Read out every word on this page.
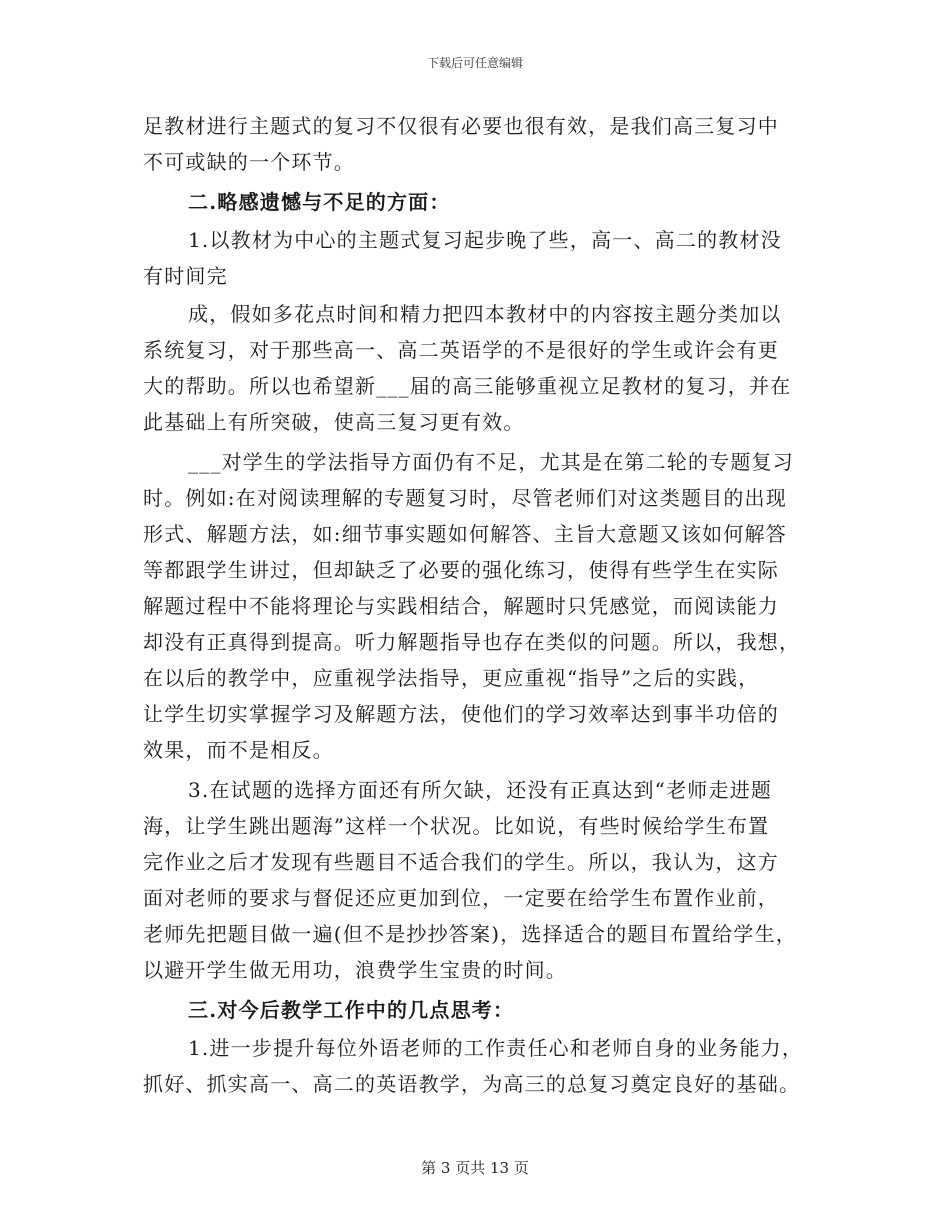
下载后可任意编辑
足教材进行主题式的复习不仅很有必要也很有效，是我们高三复习中
不可或缺的一个环节。
二.略感遗憾与不足的方面：
1.以教材为中心的主题式复习起步晚了些，高一、高二的教材没
有时间完
成，假如多花点时间和精力把四本教材中的内容按主题分类加以
系统复习，对于那些高一、高二英语学的不是很好的学生或许会有更
大的帮助。所以也希望新___届的高三能够重视立足教材的复习，并在
此基础上有所突破，使高三复习更有效。
___对学生的学法指导方面仍有不足，尤其是在第二轮的专题复习
时。例如:在对阅读理解的专题复习时，尽管老师们对这类题目的出现
形式、解题方法，如:细节事实题如何解答、主旨大意题又该如何解答
等都跟学生讲过，但却缺乏了必要的强化练习，使得有些学生在实际
解题过程中不能将理论与实践相结合，解题时只凭感觉，而阅读能力
却没有正真得到提高。听力解题指导也存在类似的问题。所以，我想，
在以后的教学中，应重视学法指导，更应重视“指导”之后的实践，
让学生切实掌握学习及解题方法，使他们的学习效率达到事半功倍的
效果，而不是相反。
3.在试题的选择方面还有所欠缺，还没有正真达到“老师走进题
海，让学生跳出题海”这样一个状况。比如说，有些时候给学生布置
完作业之后才发现有些题目不适合我们的学生。所以，我认为，这方
面对老师的要求与督促还应更加到位，一定要在给学生布置作业前，
老师先把题目做一遍(但不是抄抄答案)，选择适合的题目布置给学生，
以避开学生做无用功，浪费学生宝贵的时间。
三.对今后教学工作中的几点思考：
1.进一步提升每位外语老师的工作责任心和老师自身的业务能力，
抓好、抓实高一、高二的英语教学，为高三的总复习奠定良好的基础。
第 3 页共 13 页
